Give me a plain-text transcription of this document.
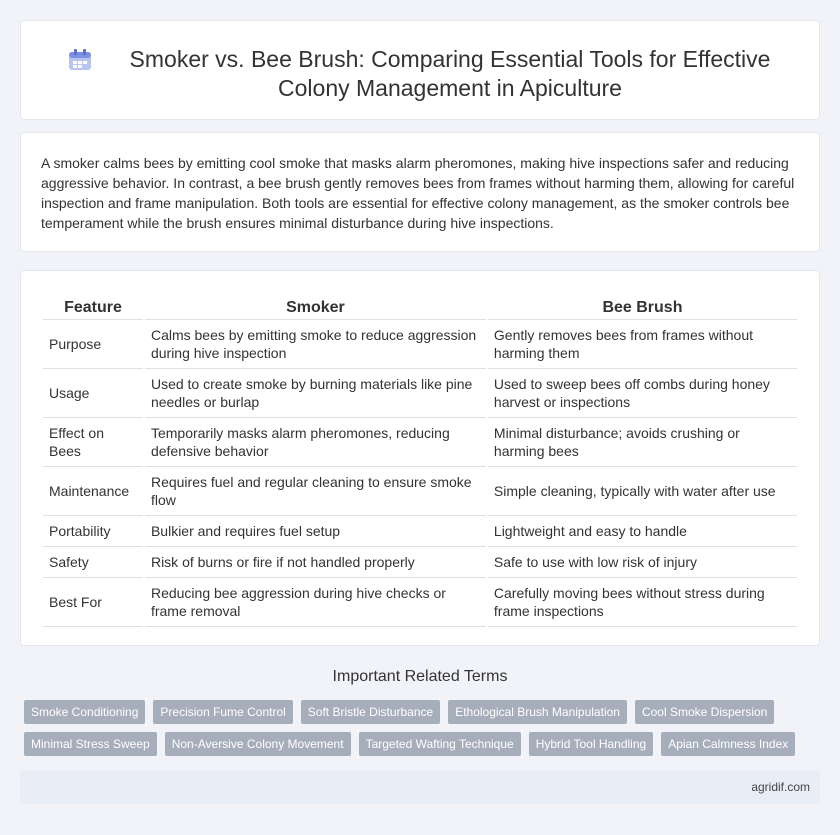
Smoker vs. Bee Brush: Comparing Essential Tools for Effective Colony Management in Apiculture

A smoker calms bees by emitting cool smoke that masks alarm pheromones, making hive inspections safer and reducing aggressive behavior. In contrast, a bee brush gently removes bees from frames without harming them, allowing for careful inspection and frame manipulation. Both tools are essential for effective colony management, as the smoker controls bee temperament while the brush ensures minimal disturbance during hive inspections.

Feature	Smoker	Bee Brush
Purpose	Calms bees by emitting smoke to reduce aggression during hive inspection	Gently removes bees from frames without harming them
Usage	Used to create smoke by burning materials like pine needles or burlap	Used to sweep bees off combs during honey harvest or inspections
Effect on Bees	Temporarily masks alarm pheromones, reducing defensive behavior	Minimal disturbance; avoids crushing or harming bees
Maintenance	Requires fuel and regular cleaning to ensure smoke flow	Simple cleaning, typically with water after use
Portability	Bulkier and requires fuel setup	Lightweight and easy to handle
Safety	Risk of burns or fire if not handled properly	Safe to use with low risk of injury
Best For	Reducing bee aggression during hive checks or frame removal	Carefully moving bees without stress during frame inspections
Important Related Terms
Smoke Conditioning	Precision Fume Control	Soft Bristle Disturbance	Ethological Brush Manipulation	Cool Smoke Dispersion
Minimal Stress Sweep	Non-Aversive Colony Movement	Targeted Wafting Technique	Hybrid Tool Handling	Apian Calmness Index
agridif.com
